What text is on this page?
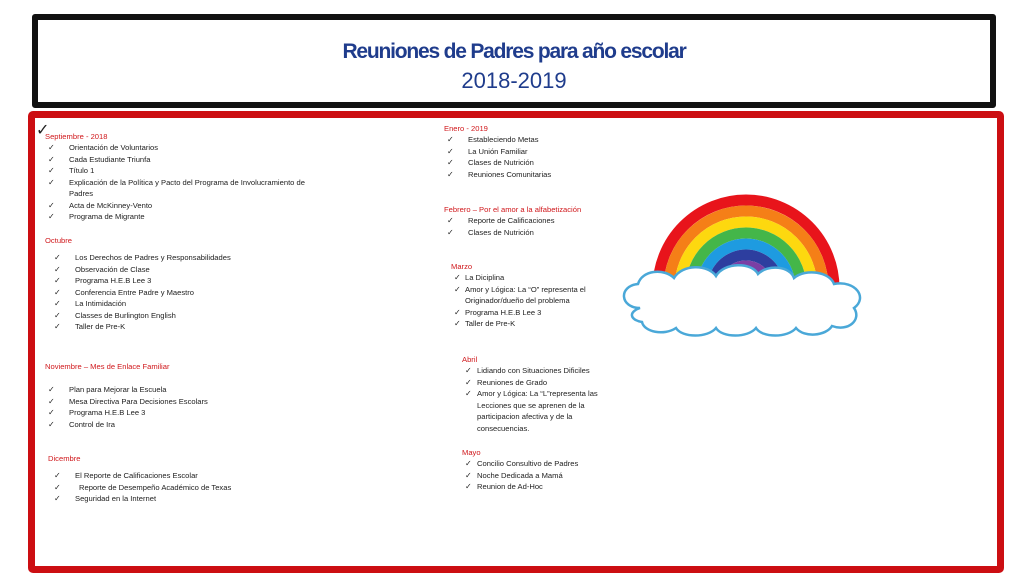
Reuniones de Padres para año escolar
2018-2019
✓
Septiembre - 2018
✓ Orientación de Voluntarios
✓ Cada Estudiante Triunfa
✓ Título 1
✓ Explicación de la Política y Pacto del Programa de Involucramiento de Padres
✓ Acta de McKinney-Vento
✓ Programa de Migrante
Octubre
✓ Los Derechos de Padres y Responsabilidades
✓ Observación de Clase
✓ Programa H.E.B Lee 3
✓ Conferencia Entre Padre y Maestro
✓ La Intimidación
✓ Classes de Burlington English
✓ Taller de Pre-K
Noviembre – Mes de Enlace Familiar
✓ Plan para Mejorar la Escuela
✓ Mesa Directiva Para Decisiones Escolars
✓ Programa H.E.B Lee 3
✓ Control de Ira
Dicembre
✓ El Reporte de Calificaciones Escolar
✓ Reporte de Desempeño Académico de Texas
✓ Seguridad en la Internet
Enero - 2019
✓ Estableciendo Metas
✓ La Unión Familiar
✓ Clases de Nutrición
✓ Reuniones Comunitarias
Febrero – Por el amor a la alfabetización
✓ Reporte de Calificaciones
✓ Clases de Nutrición
Marzo
✓ La Diciplina
✓ Amor y Lógica: La “O” representa el Originador/dueño del problema
✓ Programa H.E.B Lee 3
✓ Taller de Pre-K
Abril
✓ Lidiando con Situaciones Dificiles
✓ Reuniones de Grado
✓ Amor y Lógica: La “L”representa las Lecciones que se aprenen de la participacion afectiva y de la consecuencias.
Mayo
✓ Concilio Consultivo de Padres
✓ Noche Dedicada a Mamá
✓ Reunion de Ad-Hoc
